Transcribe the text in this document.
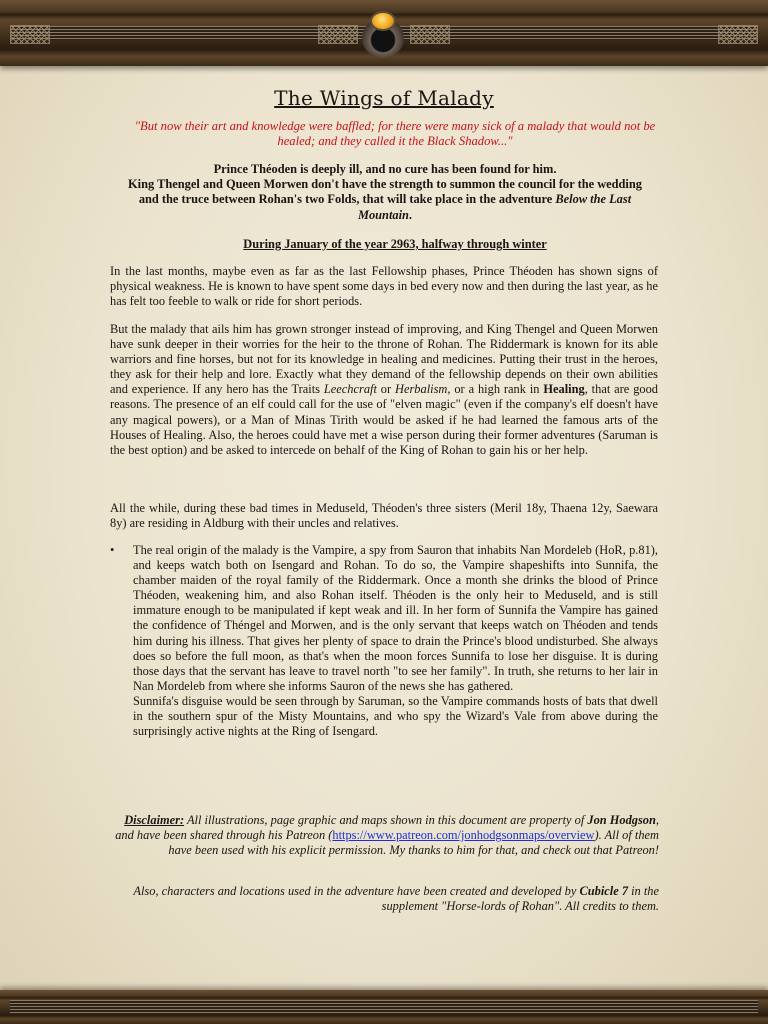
The Wings of Malady
"But now their art and knowledge were baffled; for there were many sick of a malady that would not be healed; and they called it the Black Shadow..."
Prince Théoden is deeply ill, and no cure has been found for him.
King Thengel and Queen Morwen don't have the strength to summon the council for the wedding and the truce between Rohan's two Folds, that will take place in the adventure Below the Last Mountain.
During January of the year 2963, halfway through winter
In the last months, maybe even as far as the last Fellowship phases, Prince Théoden has shown signs of physical weakness. He is known to have spent some days in bed every now and then during the last year, as he has felt too feeble to walk or ride for short periods.
But the malady that ails him has grown stronger instead of improving, and King Thengel and Queen Morwen have sunk deeper in their worries for the heir to the throne of Rohan. The Riddermark is known for its able warriors and fine horses, but not for its knowledge in healing and medicines. Putting their trust in the heroes, they ask for their help and lore. Exactly what they demand of the fellowship depends on their own abilities and experience. If any hero has the Traits Leechcraft or Herbalism, or a high rank in Healing, that are good reasons. The presence of an elf could call for the use of "elven magic" (even if the company's elf doesn't have any magical powers), or a Man of Minas Tirith would be asked if he had learned the famous arts of the Houses of Healing. Also, the heroes could have met a wise person during their former adventures (Saruman is the best option) and be asked to intercede on behalf of the King of Rohan to gain his or her help.
All the while, during these bad times in Meduseld, Théoden's three sisters (Meril 18y, Thaena 12y, Saewara 8y) are residing in Aldburg with their uncles and relatives.
• The real origin of the malady is the Vampire, a spy from Sauron that inhabits Nan Mordeleb (HoR, p.81), and keeps watch both on Isengard and Rohan. To do so, the Vampire shapeshifts into Sunnifa, the chamber maiden of the royal family of the Riddermark. Once a month she drinks the blood of Prince Théoden, weakening him, and also Rohan itself. Théoden is the only heir to Meduseld, and is still immature enough to be manipulated if kept weak and ill. In her form of Sunnifa the Vampire has gained the confidence of Théngel and Morwen, and is the only servant that keeps watch on Théoden and tends him during his illness. That gives her plenty of space to drain the Prince's blood undisturbed. She always does so before the full moon, as that's when the moon forces Sunnifa to lose her disguise. It is during those days that the servant has leave to travel north "to see her family". In truth, she returns to her lair in Nan Mordeleb from where she informs Sauron of the news she has gathered.
Sunnifa's disguise would be seen through by Saruman, so the Vampire commands hosts of bats that dwell in the southern spur of the Misty Mountains, and who spy the Wizard's Vale from above during the surprisingly active nights at the Ring of Isengard.
Disclaimer: All illustrations, page graphic and maps shown in this document are property of Jon Hodgson, and have been shared through his Patreon (https://www.patreon.com/jonhodgsonmaps/overview). All of them have been used with his explicit permission. My thanks to him for that, and check out that Patreon!
Also, characters and locations used in the adventure have been created and developed by Cubicle 7 in the supplement "Horse-lords of Rohan". All credits to them.
